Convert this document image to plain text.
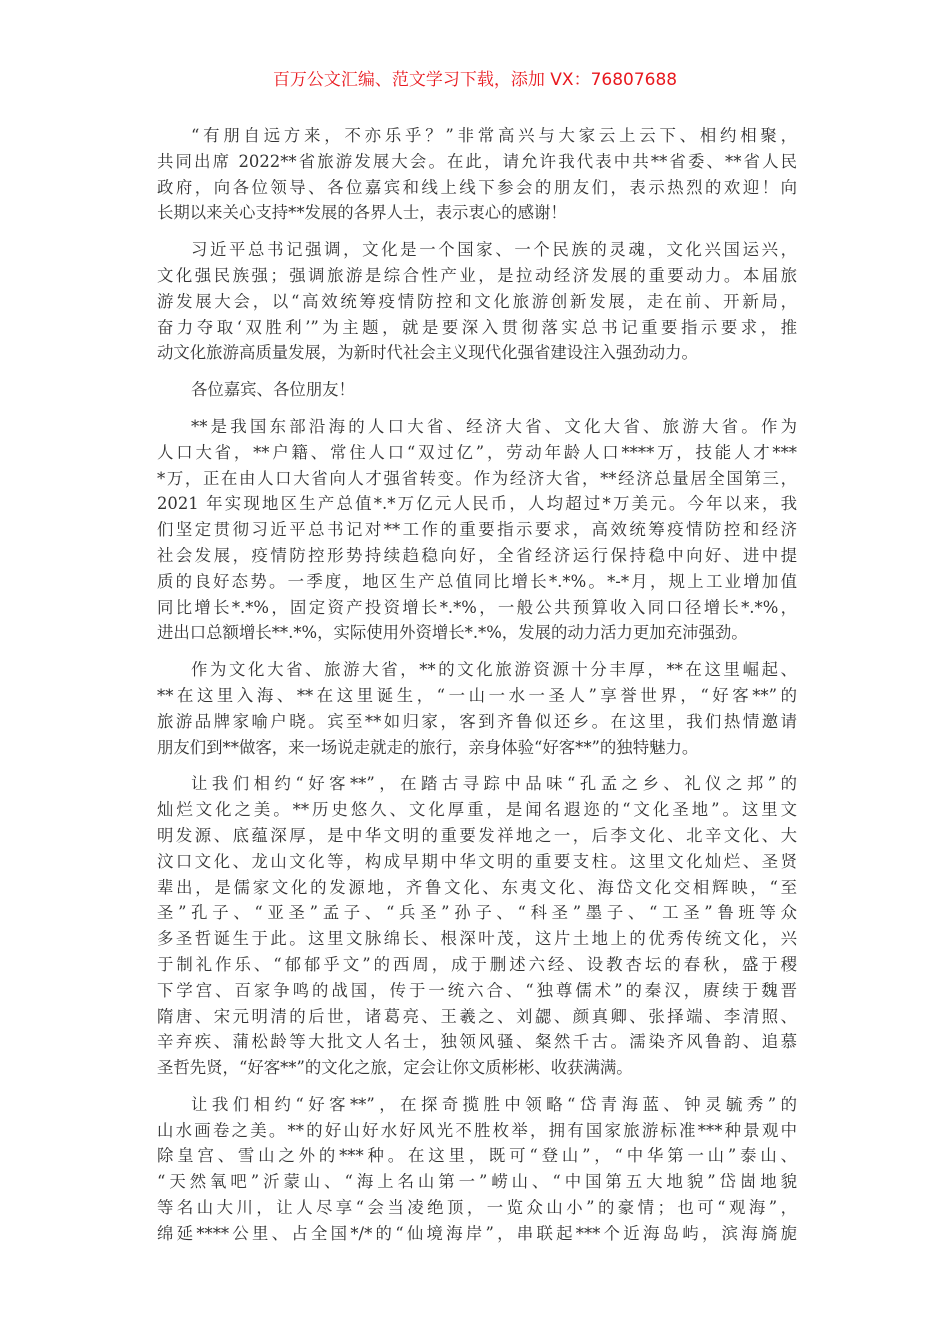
百万公文汇编、范文学习下载，添加 VX：76807688
“有朋自远方来，不亦乐乎？”非常高兴与大家云上云下、相约相聚，
共同出席 2022**省旅游发展大会。在此，请允许我代表中共**省委、**省人民
政府，向各位领导、各位嘉宾和线上线下参会的朋友们，表示热烈的欢迎！向
长期以来关心支持**发展的各界人士，表示衷心的感谢！
习近平总书记强调，文化是一个国家、一个民族的灵魂，文化兴国运兴，
文化强民族强；强调旅游是综合性产业，是拉动经济发展的重要动力。本届旅
游发展大会，以“高效统筹疫情防控和文化旅游创新发展，走在前、开新局，
奋力夺取‘双胜利’”为主题，就是要深入贯彻落实总书记重要指示要求，推
动文化旅游高质量发展，为新时代社会主义现代化强省建设注入强劲动力。
各位嘉宾、各位朋友！
**是我国东部沿海的人口大省、经济大省、文化大省、旅游大省。作为
人口大省，**户籍、常住人口“双过亿”，劳动年龄人口****万，技能人才***
*万，正在由人口大省向人才强省转变。作为经济大省，**经济总量居全国第三，
2021 年实现地区生产总值*.*万亿元人民币，人均超过*万美元。今年以来，我
们坚定贯彻习近平总书记对**工作的重要指示要求，高效统筹疫情防控和经济
社会发展，疫情防控形势持续趋稳向好，全省经济运行保持稳中向好、进中提
质的良好态势。一季度，地区生产总值同比增长*.*%。*-*月，规上工业增加值
同比增长*.*%，固定资产投资增长*.*%，一般公共预算收入同口径增长*.*%，
进出口总额增长**.*%，实际使用外资增长*.*%，发展的动力活力更加充沛强劲。
作为文化大省、旅游大省，**的文化旅游资源十分丰厚，**在这里崛起、
**在这里入海、**在这里诞生，“一山一水一圣人”享誉世界，“好客**”的
旅游品牌家喻户晓。宾至**如归家，客到齐鲁似还乡。在这里，我们热情邀请
朋友们到**做客，来一场说走就走的旅行，亲身体验“好客**”的独特魅力。
让我们相约“好客**”，在踏古寻踪中品味“孔孟之乡、礼仪之邦”的
灿烂文化之美。**历史悠久、文化厚重，是闻名遐迩的“文化圣地”。这里文
明发源、底蕴深厚，是中华文明的重要发祥地之一，后李文化、北辛文化、大
汶口文化、龙山文化等，构成早期中华文明的重要支柱。这里文化灿烂、圣贤
辈出，是儒家文化的发源地，齐鲁文化、东夷文化、海岱文化交相辉映，“至
圣”孔子、“亚圣”孟子、“兵圣”孙子、“科圣”墨子、“工圣”鲁班等众
多圣哲诞生于此。这里文脉绵长、根深叶茂，这片土地上的优秀传统文化，兴
于制礼作乐、“郁郁乎文”的西周，成于删述六经、设教杏坛的春秋，盛于稷
下学宫、百家争鸣的战国，传于一统六合、“独尊儒术”的秦汉，赓续于魏晋
隋唐、宋元明清的后世，诸葛亮、王羲之、刘勰、颜真卿、张择端、李清照、
辛弃疾、蒲松龄等大批文人名士，独领风骚、粲然千古。濡染齐风鲁韵、追慕
圣哲先贤，“好客**”的文化之旅，定会让你文质彬彬、收获满满。
让我们相约“好客**”，在探奇揽胜中领略“岱青海蓝、钟灵毓秀”的
山水画卷之美。**的好山好水好风光不胜枚举，拥有国家旅游标准***种景观中
除皇宫、雪山之外的***种。在这里，既可“登山”，“中华第一山”泰山、
“天然氧吧”沂蒙山、“海上名山第一”崂山、“中国第五大地貌”岱崮地貌
等名山大川，让人尽享“会当凌绝顶，一览众山小”的豪情；也可“观海”，
绵延****公里、占全国*/*的“仙境海岸”，串联起***个近海岛屿，滨海旖旎
